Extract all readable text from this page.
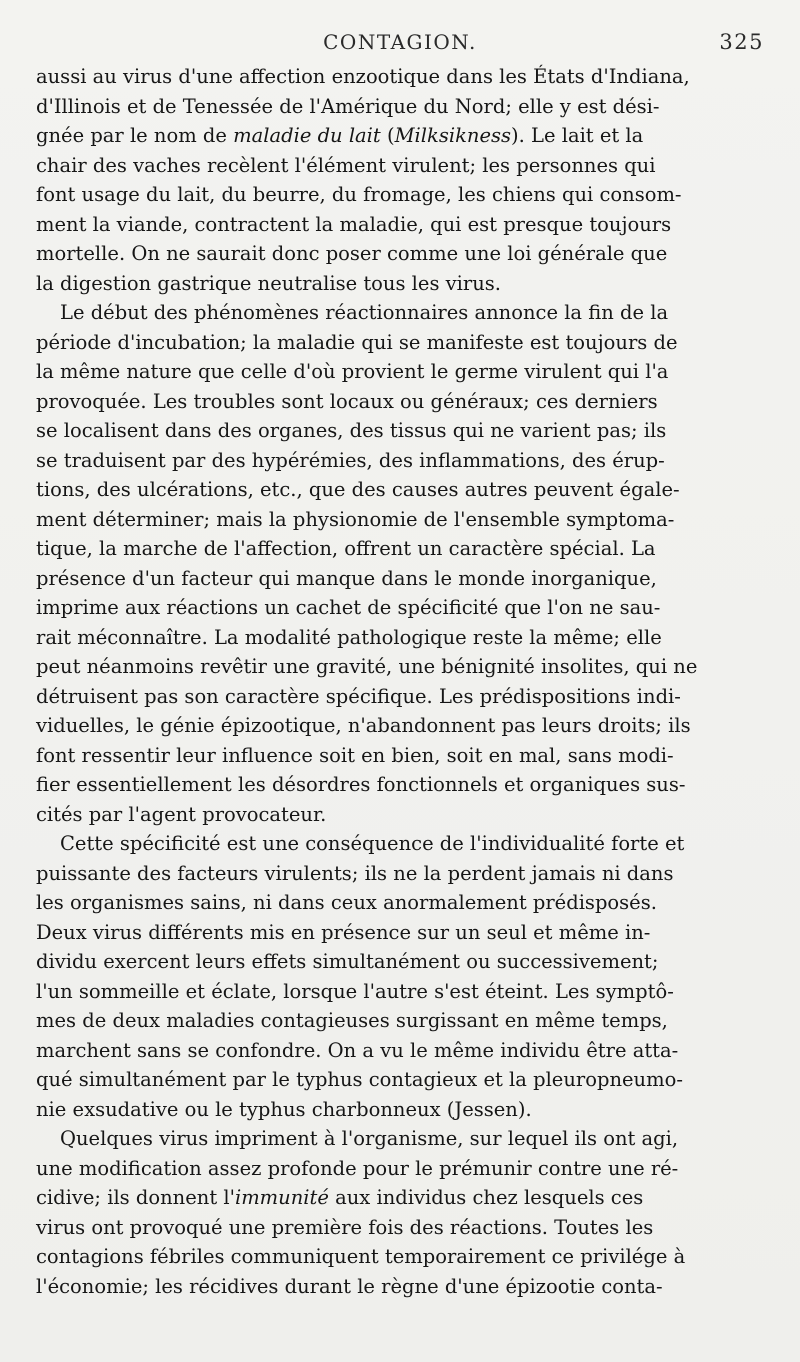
CONTAGION.	325
aussi au virus d'une affection enzootique dans les États d'Indiana,
d'Illinois et de Tenessée de l'Amérique du Nord; elle y est dési-
gnée par le nom de maladie du lait (Milksikness). Le lait et la
chair des vaches recèlent l'élément virulent; les personnes qui
font usage du lait, du beurre, du fromage, les chiens qui consom-
ment la viande, contractent la maladie, qui est presque toujours
mortelle. On ne saurait donc poser comme une loi générale que
la digestion gastrique neutralise tous les virus.
Le début des phénomènes réactionnaires annonce la fin de la
période d'incubation; la maladie qui se manifeste est toujours de
la même nature que celle d'où provient le germe virulent qui l'a
provoquée. Les troubles sont locaux ou généraux; ces derniers
se localisent dans des organes, des tissus qui ne varient pas; ils
se traduisent par des hypérémies, des inflammations, des érup-
tions, des ulcérations, etc., que des causes autres peuvent égale-
ment déterminer; mais la physionomie de l'ensemble symptoma-
tique, la marche de l'affection, offrent un caractère spécial. La
présence d'un facteur qui manque dans le monde inorganique,
imprime aux réactions un cachet de spécificité que l'on ne sau-
rait méconnaître. La modalité pathologique reste la même; elle
peut néanmoins revêtir une gravité, une bénignité insolites, qui ne
détruisent pas son caractère spécifique. Les prédispositions indi-
viduelles, le génie épizootique, n'abandonnent pas leurs droits; ils
font ressentir leur influence soit en bien, soit en mal, sans modi-
fier essentiellement les désordres fonctionnels et organiques sus-
cités par l'agent provocateur.
Cette spécificité est une conséquence de l'individualité forte et
puissante des facteurs virulents; ils ne la perdent jamais ni dans
les organismes sains, ni dans ceux anormalement prédisposés.
Deux virus différents mis en présence sur un seul et même in-
dividu exercent leurs effets simultanément ou successivement;
l'un sommeille et éclate, lorsque l'autre s'est éteint. Les symptô-
mes de deux maladies contagieuses surgissant en même temps,
marchent sans se confondre. On a vu le même individu être atta-
qué simultanément par le typhus contagieux et la pleuropneumo-
nie exsudative ou le typhus charbonneux (Jessen).
Quelques virus impriment à l'organisme, sur lequel ils ont agi,
une modification assez profonde pour le prémunir contre une ré-
cidive; ils donnent l'immunité aux individus chez lesquels ces
virus ont provoqué une première fois des réactions. Toutes les
contagions fébriles communiquent temporairement ce privilége à
l'économie; les récidives durant le règne d'une épizootie conta-
